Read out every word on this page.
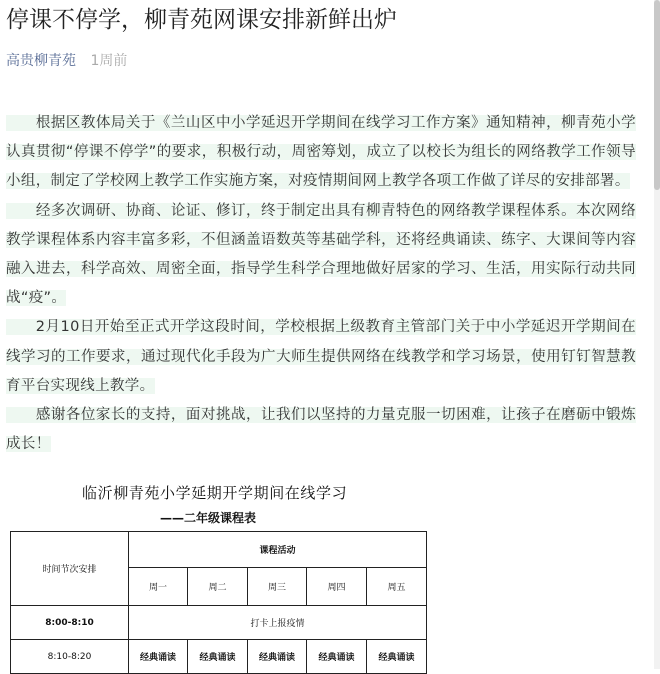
停课不停学，柳青苑网课安排新鲜出炉
高贵柳青苑 1周前

  根据区教体局关于《兰山区中小学延迟开学期间在线学习工作方案》通知精神，柳青苑小学认真贯彻“停课不停学”的要求，积极行动，周密筹划，成立了以校长为组长的网络教学工作领导小组，制定了学校网上教学工作实施方案，对疫情期间网上教学各项工作做了详尽的安排部署。

  经多次调研、协商、论证、修订，终于制定出具有柳青特色的网络教学课程体系。本次网络教学课程体系内容丰富多彩，不但涵盖语数英等基础学科，还将经典诵读、练字、大课间等内容融入进去，科学高效、周密全面，指导学生科学合理地做好居家的学习、生活，用实际行动共同战“疫”。

  2月10日开始至正式开学这段时间，学校根据上级教育主管部门关于中小学延迟开学期间在线学习的工作要求，通过现代化手段为广大师生提供网络在线教学和学习场景，使用钉钉智慧教育平台实现线上教学。

  感谢各位家长的支持，面对挑战，让我们以坚持的力量克服一切困难，让孩子在磨砺中锻炼成长！

临沂柳青苑小学延期开学期间在线学习
——二年级课程表
时间节次安排	课程活动				
	周一	周二	周三	周四	周五
8:00-8:10	打卡上报疫情				
8:10-8:20	经典诵读	经典诵读	经典诵读	经典诵读	经典诵读
